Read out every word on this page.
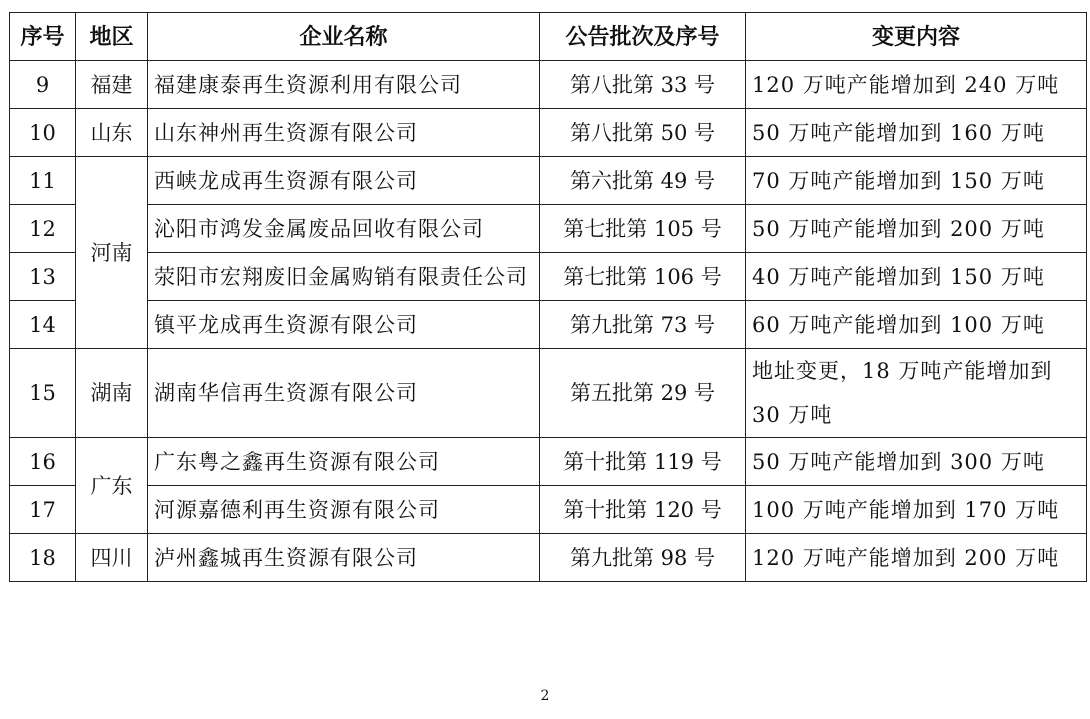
序号	地区	企业名称	公告批次及序号	变更内容
9	福建	福建康泰再生资源利用有限公司	第八批第 33 号	120 万吨产能增加到 240 万吨
10	山东	山东神州再生资源有限公司	第八批第 50 号	50 万吨产能增加到 160 万吨
11	河南	西峡龙成再生资源有限公司	第六批第 49 号	70 万吨产能增加到 150 万吨
12		沁阳市鸿发金属废品回收有限公司	第七批第 105 号	50 万吨产能增加到 200 万吨
13		荥阳市宏翔废旧金属购销有限责任公司	第七批第 106 号	40 万吨产能增加到 150 万吨
14		镇平龙成再生资源有限公司	第九批第 73 号	60 万吨产能增加到 100 万吨
15	湖南	湖南华信再生资源有限公司	第五批第 29 号	地址变更，18 万吨产能增加到 30 万吨
16	广东	广东粤之鑫再生资源有限公司	第十批第 119 号	50 万吨产能增加到 300 万吨
17		河源嘉德利再生资源有限公司	第十批第 120 号	100 万吨产能增加到 170 万吨
18	四川	泸州鑫城再生资源有限公司	第九批第 98 号	120 万吨产能增加到 200 万吨
2
